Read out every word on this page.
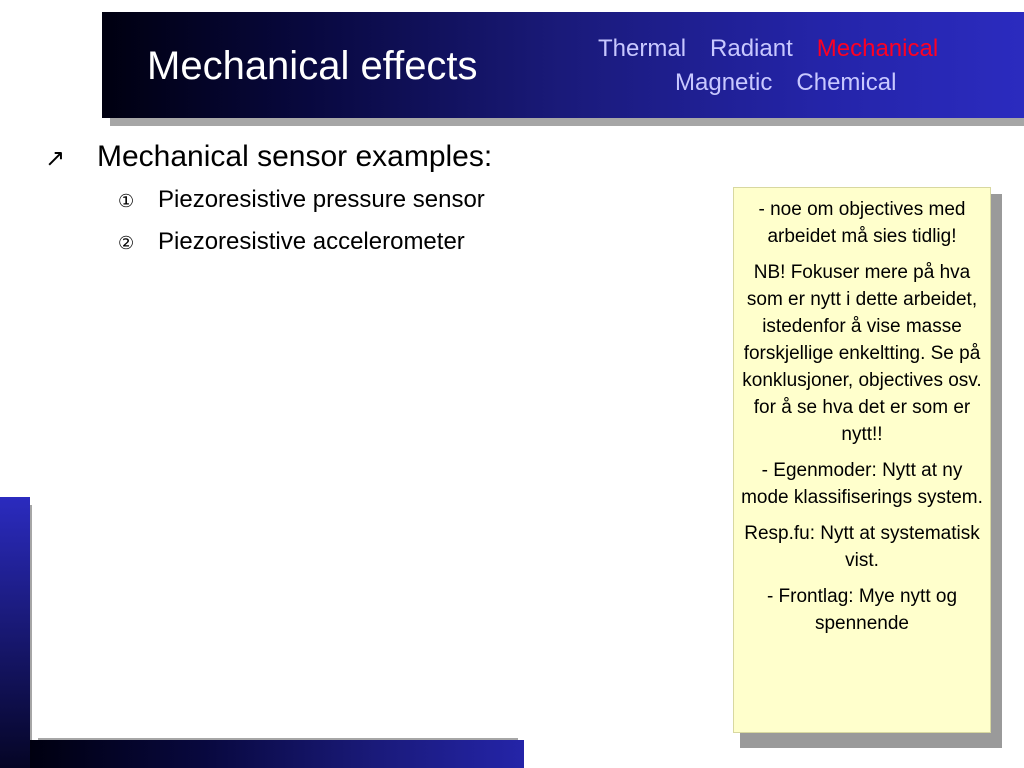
Mechanical effects	Thermal Radiant Mechanical
Magnetic Chemical
↗ Mechanical sensor examples:
① Piezoresistive pressure sensor
② Piezoresistive accelerometer

- noe om objectives med arbeidet må sies tidlig!

NB! Fokuser mere på hva som er nytt i dette arbeidet, istedenfor å vise masse forskjellige enkeltting. Se på konklusjoner, objectives osv. for å se hva det er som er nytt!!

- Egenmoder: Nytt at ny mode klassifiserings system.

Resp.fu: Nytt at systematisk vist.

- Frontlag: Mye nytt og spennende
